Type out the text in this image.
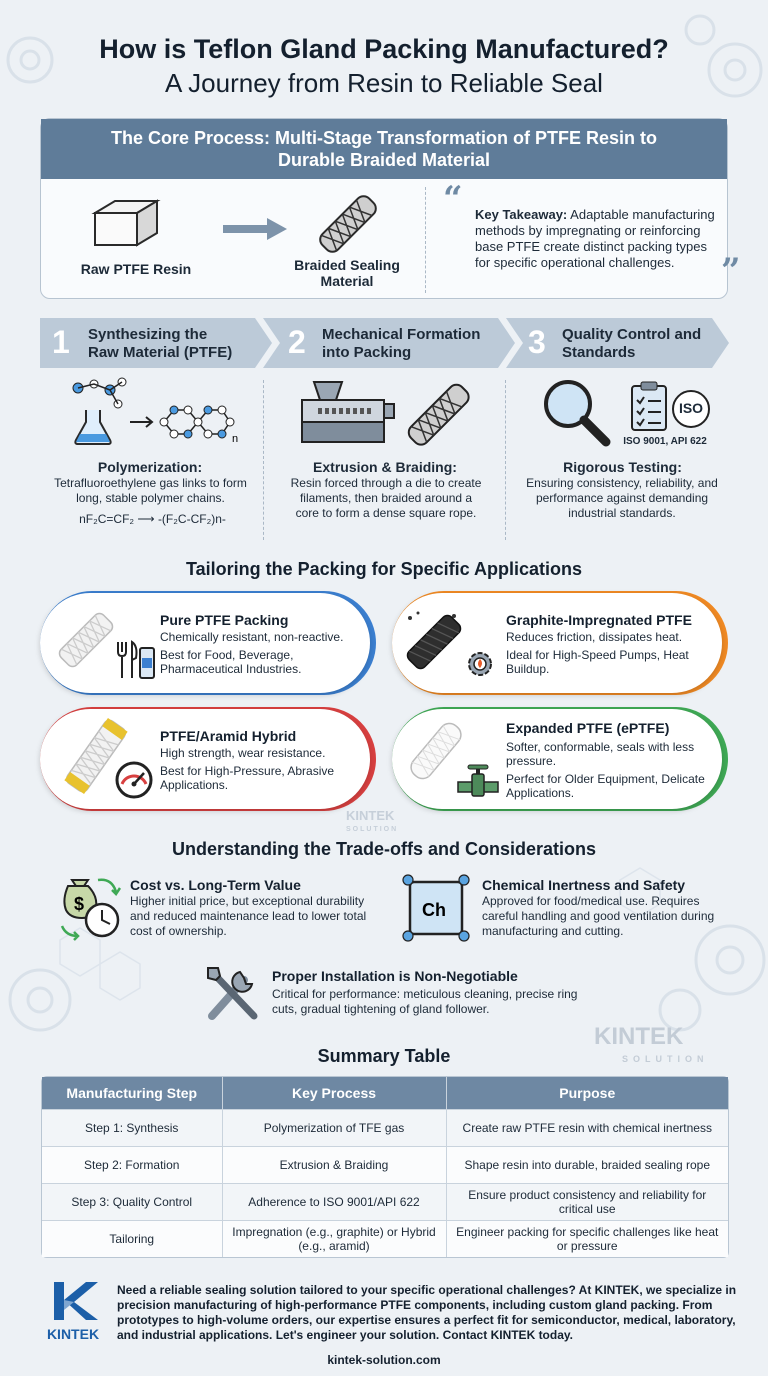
How is Teflon Gland Packing Manufactured?
A Journey from Resin to Reliable Seal
The Core Process: Multi-Stage Transformation of PTFE Resin to Durable Braided Material
Raw PTFE Resin	Braided Sealing Material
“ Key Takeaway: Adaptable manufacturing methods by impregnating or reinforcing base PTFE create distinct packing types for specific operational challenges.	”
1 Synthesizing the Raw Material (PTFE) 2 Mechanical Formation into Packing	3 Quality Control and Standards
n
Polymerization:
Tetrafluoroethylene gas links to form long, stable polymer chains.
nF₂C=CF₂ ⟶ -(F₂C-CF₂)n-
Extrusion & Braiding:
Resin forced through a die to create filaments, then braided around a core to form a dense square rope.
ISO
ISO 9001, API 622
Rigorous Testing:
Ensuring consistency, reliability, and performance against demanding industrial standards.
Tailoring the Packing for Specific Applications
Pure PTFE Packing
Chemically resistant, non-reactive.
Best for Food, Beverage, Pharmaceutical Industries.
Graphite-Impregnated PTFE
Reduces friction, dissipates heat.
Ideal for High-Speed Pumps, Heat Buildup.
PTFE/Aramid Hybrid
High strength, wear resistance.
Best for High-Pressure, Abrasive Applications.
Expanded PTFE (ePTFE)
Softer, conformable, seals with less pressure.
Perfect for Older Equipment, Delicate Applications.
KINTEK
SOLUTION
Understanding the Trade-offs and Considerations
$
Cost vs. Long-Term Value
Higher initial price, but exceptional durability and reduced maintenance lead to lower total cost of ownership.
Ch
Chemical Inertness and Safety
Approved for food/medical use. Requires careful handling and good ventilation during manufacturing and cutting.
Proper Installation is Non-Negotiable
Critical for performance: meticulous cleaning, precise ring cuts, gradual tightening of gland follower.
KINTEK
SOLUTION
Summary Table
Manufacturing Step	Key Process	Purpose
Step 1: Synthesis	Polymerization of TFE gas	Create raw PTFE resin with chemical inertness
Step 2: Formation	Extrusion & Braiding	Shape resin into durable, braided sealing rope
Step 3: Quality Control	Adherence to ISO 9001/API 622	Ensure product consistency and reliability for critical use
Tailoring	Impregnation (e.g., graphite) or Hybrid (e.g., aramid)	Engineer packing for specific challenges like heat or pressure
KINTEK
Need a reliable sealing solution tailored to your specific operational challenges? At KINTEK, we specialize in precision manufacturing of high-performance PTFE components, including custom gland packing. From prototypes to high-volume orders, our expertise ensures a perfect fit for semiconductor, medical, laboratory, and industrial applications. Let's engineer your solution. Contact KINTEK today.
kintek-solution.com
